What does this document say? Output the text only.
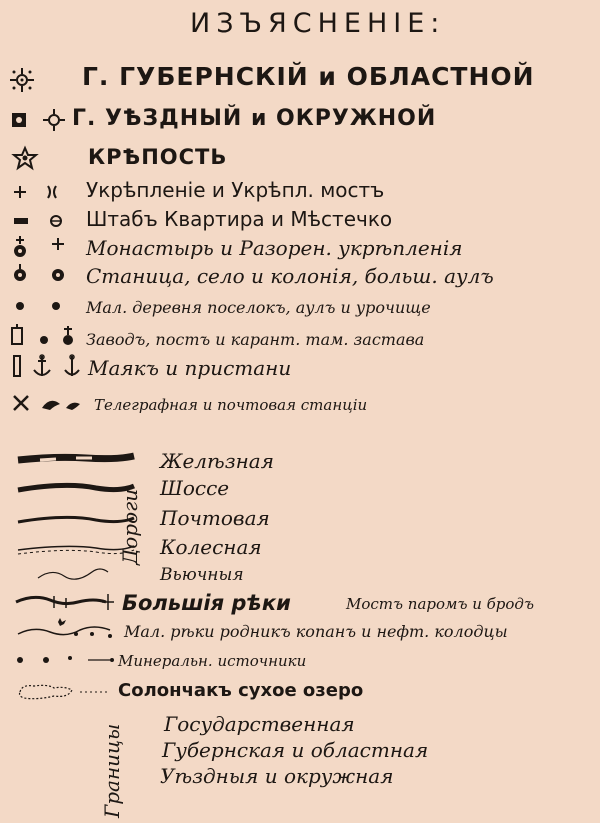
ИЗЪЯСНЕНIЕ:
Г. ГУБЕРНСКIЙ и ОБЛАСТНОЙ
Г. УѢЗДНЫЙ и ОКРУЖНОЙ
КРѢПОСТЬ
Укрѣпленiе и Укрѣпл. мостъ
Штабъ Квартира и Мѣстечко
Монастырь и Разорен. укрѣпленiя
Станица, село и колонiя, больш. аулъ
Мал. деревня поселокъ, аулъ и урочище
Заводъ, постъ и карант. там. застава
Маякъ и пристани
Телеграфная и почтовая станцiи
Дороги
Желѣзная
Шоссе
Почтовая
Колесная
Вьючныя
Большiя рѣки	Мостъ паромъ и бродъ
Мал. рѣки родникъ копанъ и нефт. колодцы
Минеральн. источники
Солончакъ сухое озеро
Границы Государственная
Губернская и областная
Уѣздныя и окружная
